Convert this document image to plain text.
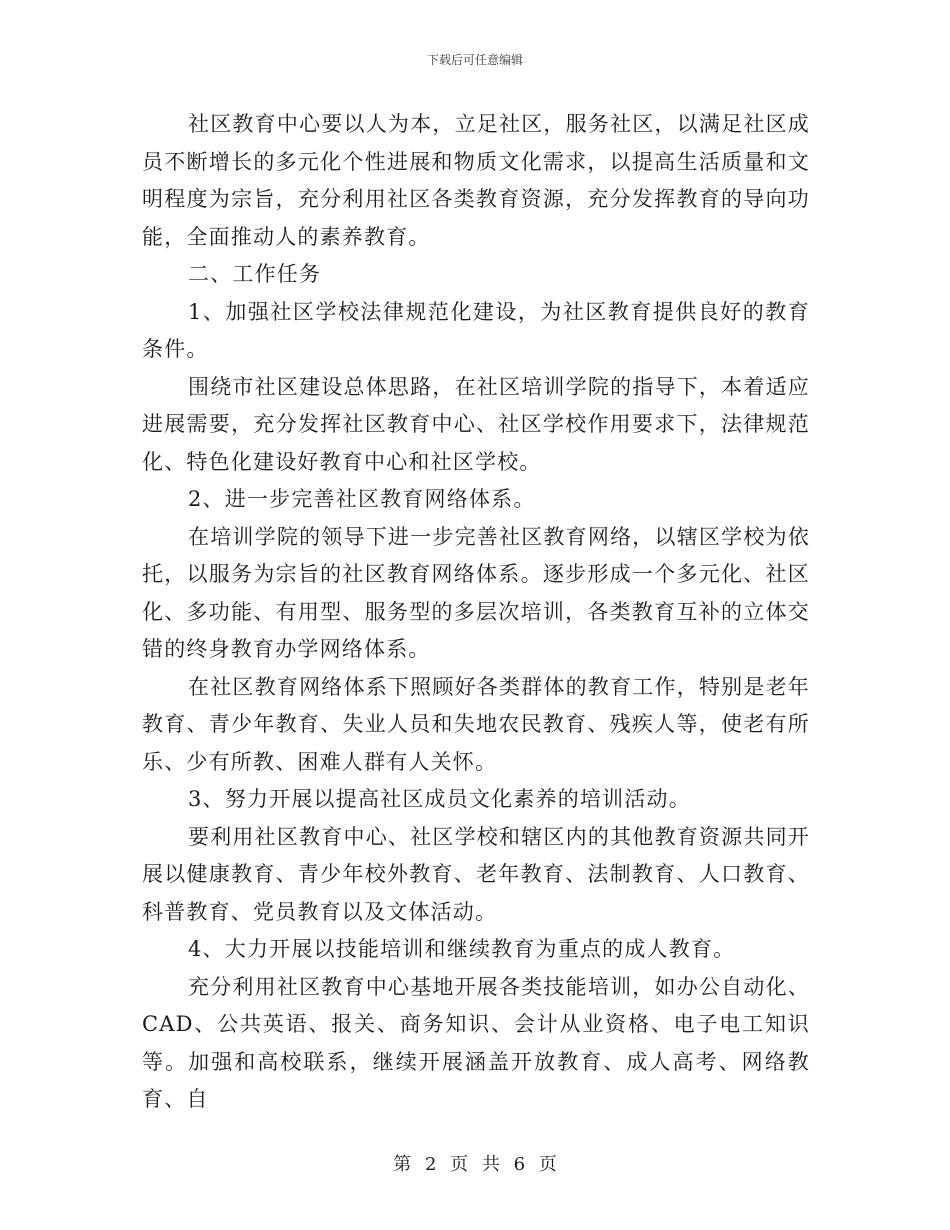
下载后可任意编辑

社区教育中心要以人为本，立足社区，服务社区，以满足社区成员不断增长的多元化个性进展和物质文化需求，以提高生活质量和文明程度为宗旨，充分利用社区各类教育资源，充分发挥教育的导向功能，全面推动人的素养教育。

二、工作任务

1、加强社区学校法律规范化建设，为社区教育提供良好的教育条件。

围绕市社区建设总体思路，在社区培训学院的指导下，本着适应进展需要，充分发挥社区教育中心、社区学校作用要求下，法律规范化、特色化建设好教育中心和社区学校。

2、进一步完善社区教育网络体系。

在培训学院的领导下进一步完善社区教育网络，以辖区学校为依托，以服务为宗旨的社区教育网络体系。逐步形成一个多元化、社区化、多功能、有用型、服务型的多层次培训，各类教育互补的立体交错的终身教育办学网络体系。

在社区教育网络体系下照顾好各类群体的教育工作，特别是老年教育、青少年教育、失业人员和失地农民教育、残疾人等，使老有所乐、少有所教、困难人群有人关怀。

3、努力开展以提高社区成员文化素养的培训活动。

要利用社区教育中心、社区学校和辖区内的其他教育资源共同开展以健康教育、青少年校外教育、老年教育、法制教育、人口教育、科普教育、党员教育以及文体活动。

4、大力开展以技能培训和继续教育为重点的成人教育。

充分利用社区教育中心基地开展各类技能培训，如办公自动化、CAD、公共英语、报关、商务知识、会计从业资格、电子电工知识等。加强和高校联系，继续开展涵盖开放教育、成人高考、网络教育、自

第 2 页 共 6 页
